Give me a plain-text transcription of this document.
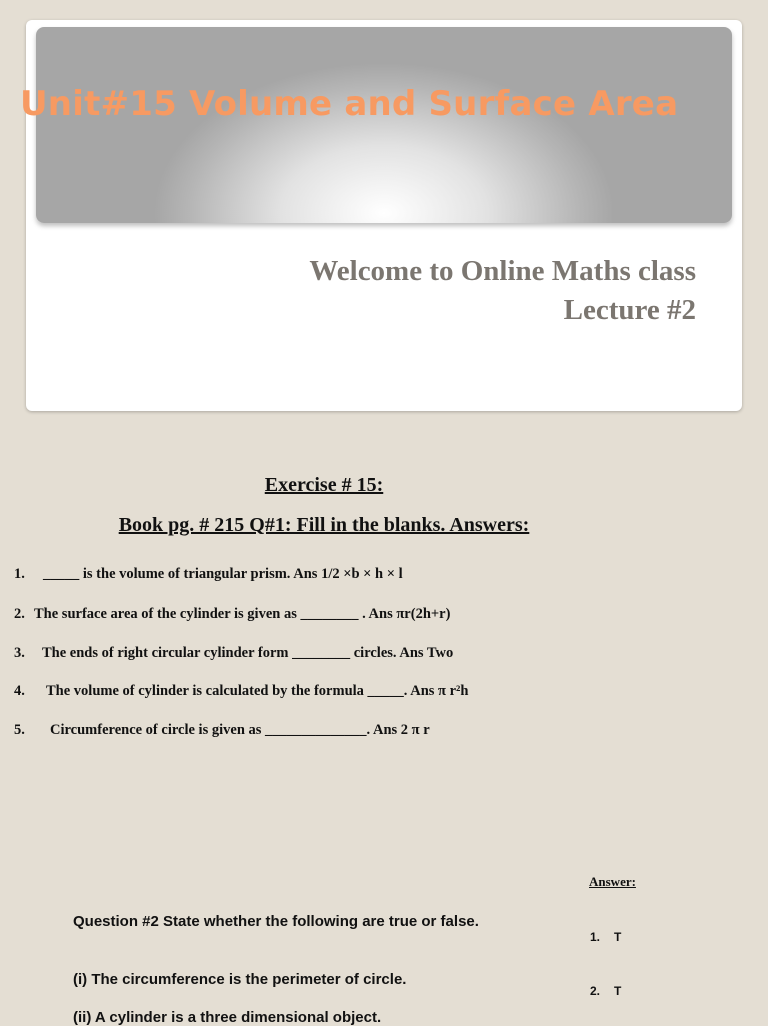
Unit#15 Volume and Surface Area
Welcome to Online Maths class
Lecture #2
Exercise # 15:
Book pg. # 215 Q#1: Fill in the blanks. Answers:
1. _____ is the volume of triangular prism. Ans 1/2 ×b × h × l
2. The surface area of the cylinder is given as ________ . Ans πr(2h+r)
3. The ends of right circular cylinder form ________ circles. Ans Two
4. The volume of cylinder is calculated by the formula _____. Ans π r²h
5. Circumference of circle is given as ______________. Ans 2 π r
Answer:
Question #2 State whether the following are true or false.
(i) The circumference is the perimeter of circle.
(ii) A cylinder is a three dimensional object.
1. T
2. T
